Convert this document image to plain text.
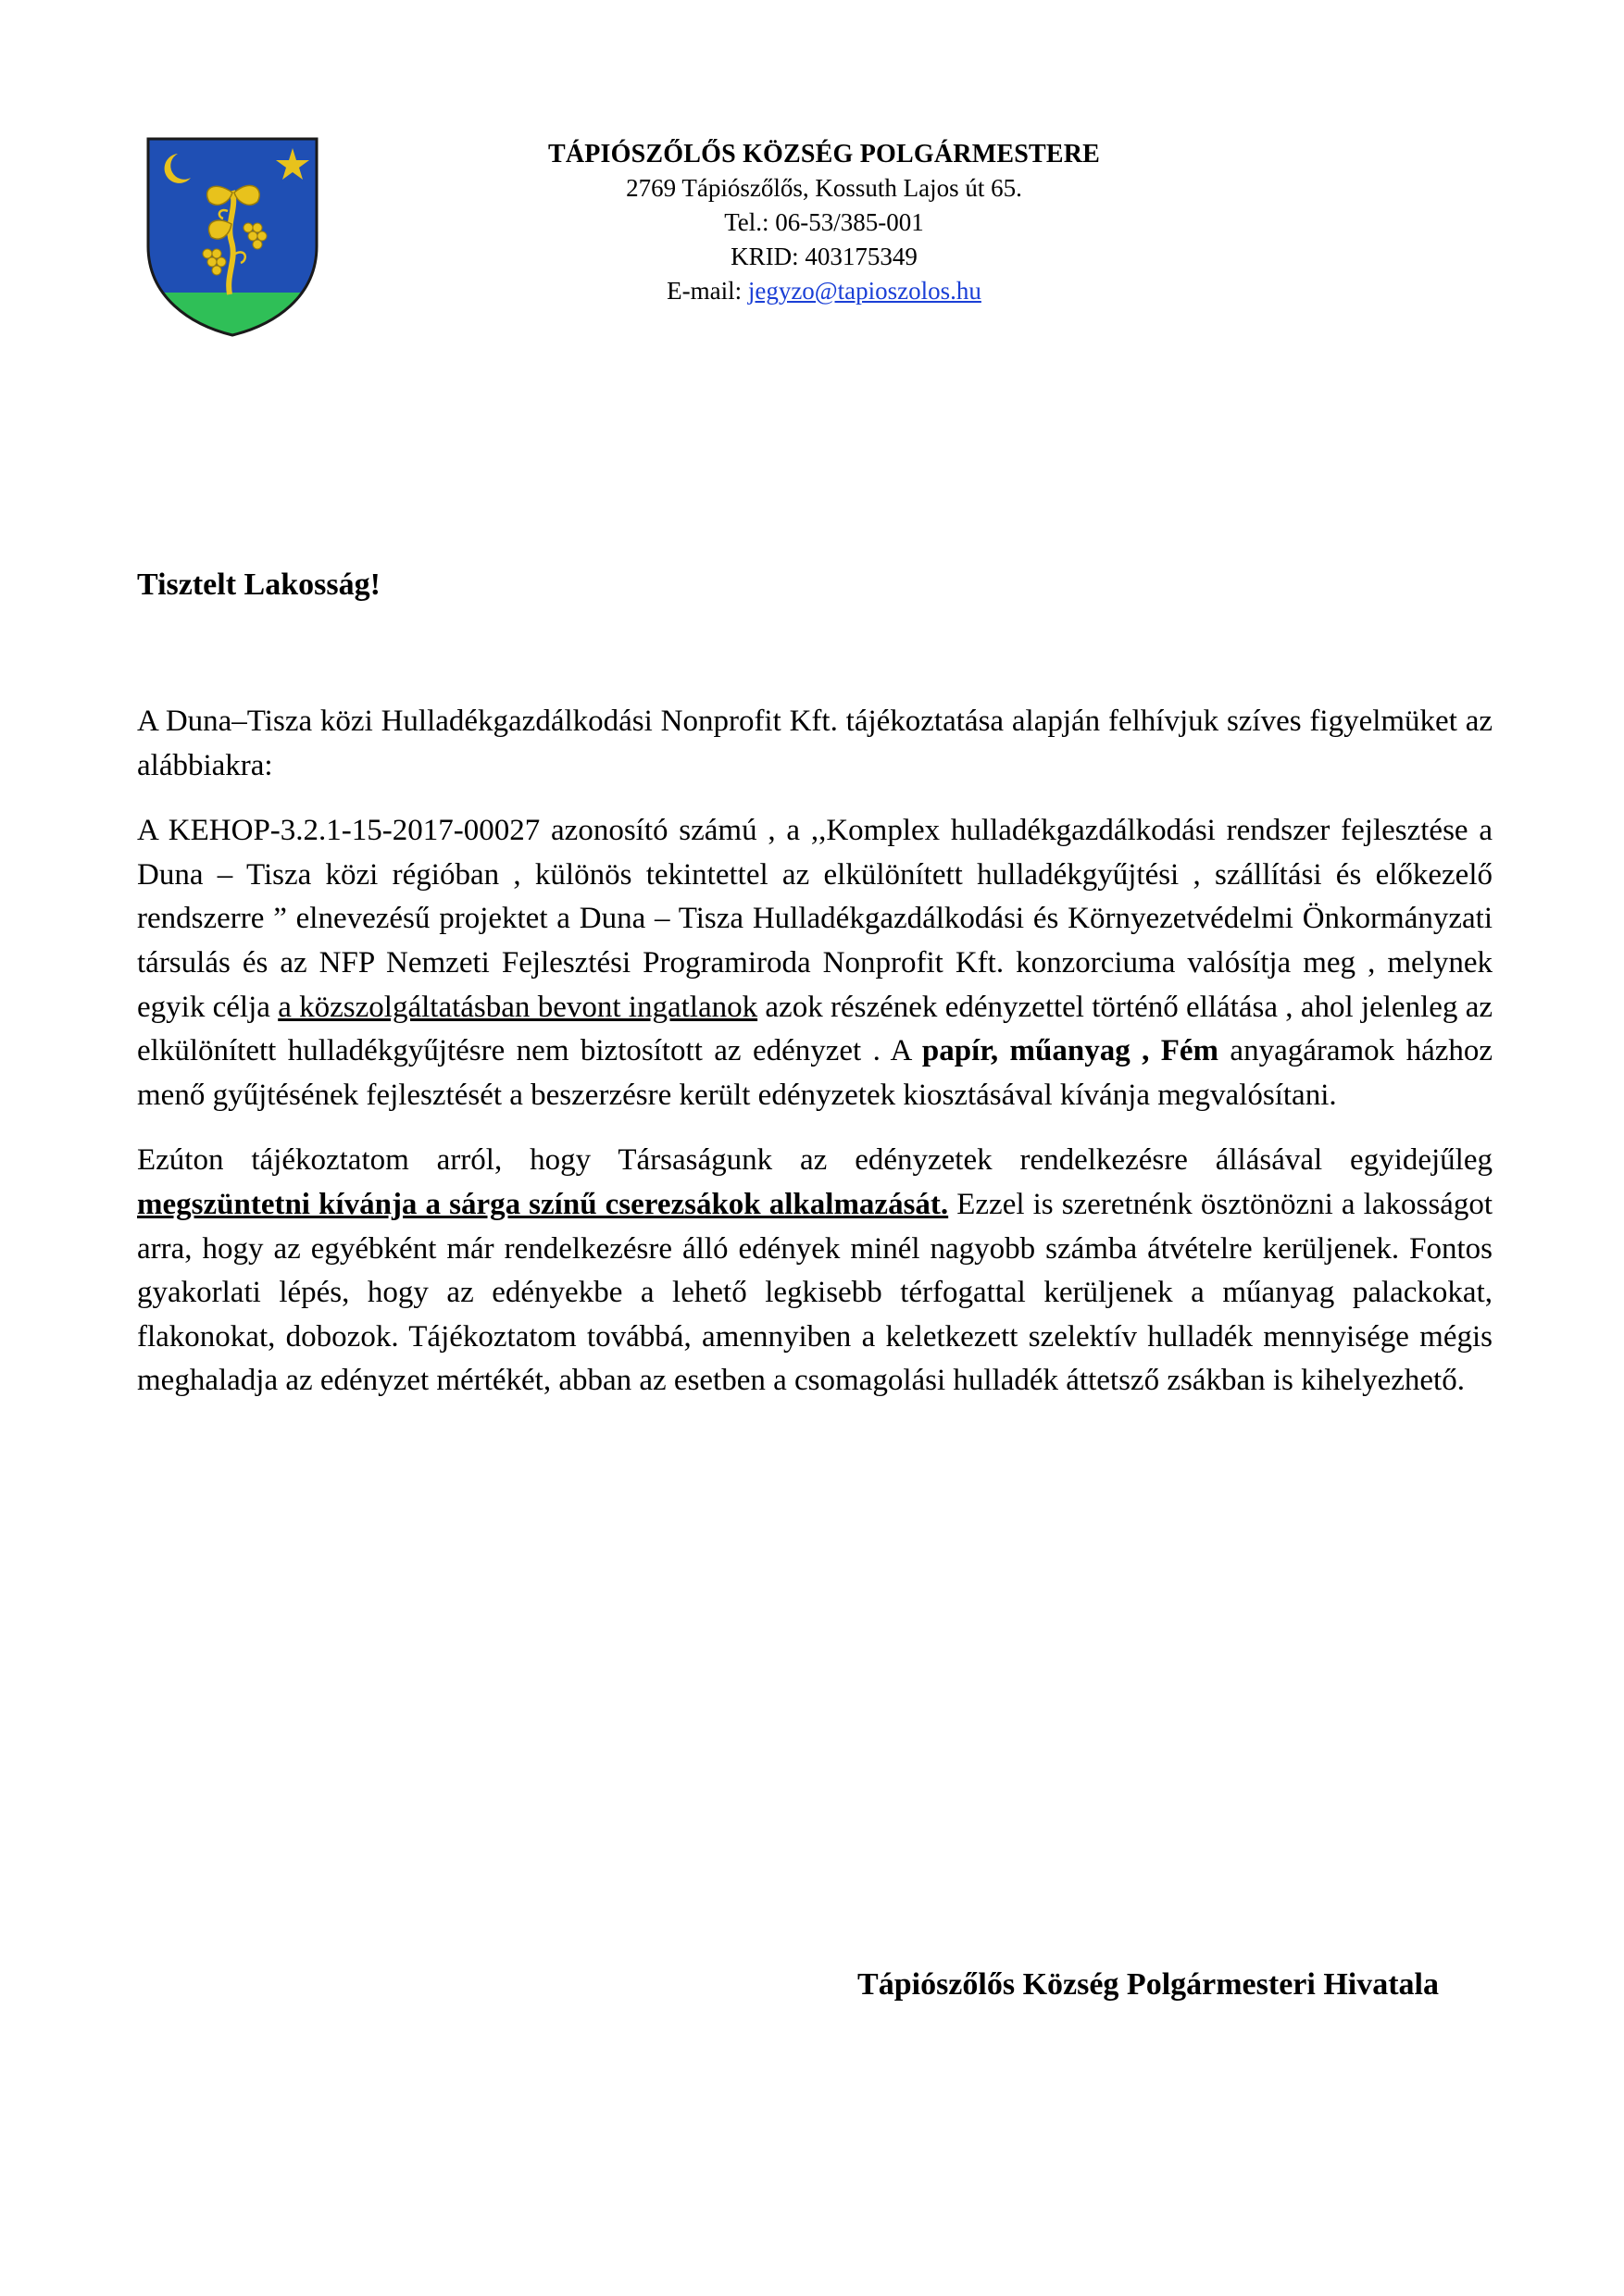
TÁPIÓSZŐLŐS KÖZSÉG POLGÁRMESTERE
2769 Tápiószőlős, Kossuth Lajos út 65.
Tel.: 06-53/385-001
KRID: 403175349
E-mail: jegyzo@tapioszolos.hu
Tisztelt Lakosság!

A Duna–Tisza közi Hulladékgazdálkodási Nonprofit Kft. tájékoztatása alapján felhívjuk szíves figyelmüket az alábbiakra:

A KEHOP-3.2.1-15-2017-00027 azonosító számú , a ,,Komplex hulladékgazdálkodási rendszer fejlesztése a Duna – Tisza közi régióban , különös tekintettel az elkülönített hulladékgyűjtési , szállítási és előkezelő rendszerre ” elnevezésű projektet a Duna – Tisza Hulladékgazdálkodási és Környezetvédelmi Önkormányzati társulás és az NFP Nemzeti Fejlesztési Programiroda Nonprofit Kft. konzorciuma valósítja meg , melynek egyik célja a közszolgáltatásban bevont ingatlanok azok részének edényzettel történő ellátása , ahol jelenleg az elkülönített hulladékgyűjtésre nem biztosított az edényzet . A papír, műanyag , Fém anyagáramok házhoz menő gyűjtésének fejlesztését a beszerzésre került edényzetek kiosztásával kívánja megvalósítani.

Ezúton tájékoztatom arról, hogy Társaságunk az edényzetek rendelkezésre állásával egyidejűleg megszüntetni kívánja a sárga színű cserezsákok alkalmazását. Ezzel is szeretnénk ösztönözni a lakosságot arra, hogy az egyébként már rendelkezésre álló edények minél nagyobb számba átvételre kerüljenek. Fontos gyakorlati lépés, hogy az edényekbe a lehető legkisebb térfogattal kerüljenek a műanyag palackokat, flakonokat, dobozok. Tájékoztatom továbbá, amennyiben a keletkezett szelektív hulladék mennyisége mégis meghaladja az edényzet mértékét, abban az esetben a csomagolási hulladék áttetsző zsákban is kihelyezhető.

Tápiószőlős Község Polgármesteri Hivatala
